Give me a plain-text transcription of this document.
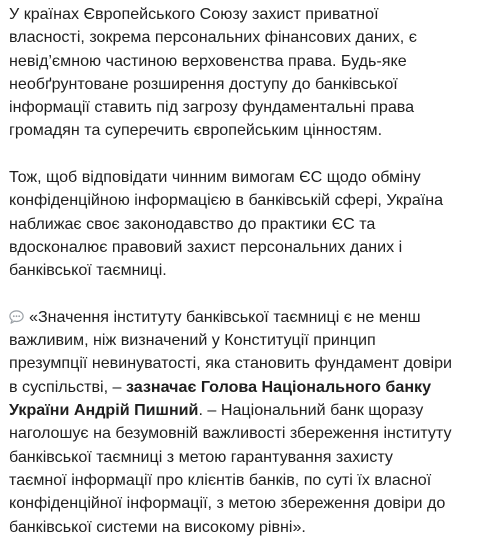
У країнах Європейського Союзу захист приватної
власності, зокрема персональних фінансових даних, є
невід’ємною частиною верховенства права. Будь-яке
необґрунтоване розширення доступу до банківської
інформації ставить під загрозу фундаментальні права
громадян та суперечить європейським цінностям.

Тож, щоб відповідати чинним вимогам ЄС щодо обміну
конфіденційною інформацією в банківській сфері, Україна
наближає своє законодавство до практики ЄС та
вдосконалює правовий захист персональних даних і
банківської таємниці.

«Значення інституту банківської таємниці є не менш
важливим, ніж визначений у Конституції принцип
презумпції невинуватості, яка становить фундамент довіри
в суспільстві, – зазначає Голова Національного банку
України Андрій Пишний. – Національний банк щоразу
наголошує на безумовній важливості збереження інституту
банківської таємниці з метою гарантування захисту
таємної інформації про клієнтів банків, по суті їх власної
конфіденційної інформації, з метою збереження довіри до
банківської системи на високому рівні».
